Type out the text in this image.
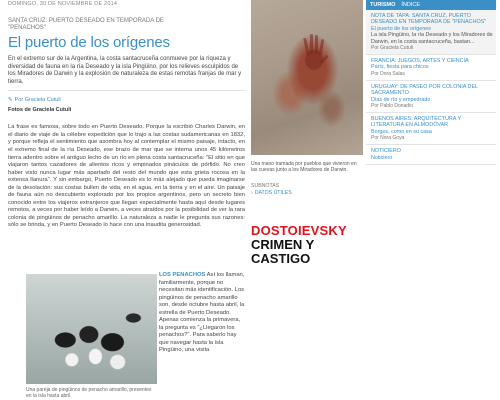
DOMINGO, 30 DE NOVIEMBRE DE 2014
SANTA CRUZ: PUERTO DESEADO EN TEMPORADA DE
"PENACHOS"
El puerto de los orígenes

En el extremo sur de la Argentina, la costa santacruceña conmueve por la riqueza y diversidad de fauna en la ría Deseado y la isla Pingüino, por los relieves esculpidos de los Miradores de Darwin y la explosión de naturaleza de estas remotas franjas de mar y tierra.

✎ Por Graciela Cutuli
Fotos de Graciela Cutuli

La frase es famosa, sobre todo en Puerto Deseado. Porque la escribió Charles Darwin, en el diario de viaje de la célebre expedición que lo trajo a las costas sudamericanas en 1832, y porque refleja el sentimiento que asombra hoy al contemplar el mismo paisaje, intacto, en el extremo final de la ría Deseado, ese brazo de mar que se interna unos 45 kilómetros tierra adentro sobre el antiguo lecho de un río en plena costa santacruceña: "El sitio en que viajaron tantos cazadores de alientos ricos y empinados pináculos de pórfido. No creo haber visto nunca lugar más apartado del resto del mundo que esta grieta rocosa en la extensa llanura". Y sin embargo, Puerto Deseado es lo más alejado que pueda imaginarse de la desolación: sus costas bullen de vida, en el agua, en la tierra y en el aire. Un paisaje de fauna aún no descubierto explorado por los propios argentinos, pero un secreto bien conocido entre los viajeros extranjeros que llegan especialmente hasta aquí desde lugares remotos, a veces por haber leído a Darwin, a veces atraídos por la posibilidad de ver la rara colonia de pingüinos de penacho amarillo. La naturaleza a nadie le pregunta sus razones: sólo se brinda, y en Puerto Deseado lo hace con una inaudita generosidad.

Una pareja de pingüinos de penacho amarillo, presentes en la isla hasta abril.
LOS PENACHOS Así los llaman, familiarmente, porque no necesitan más identificación. Los pingüinos de penacho amarillo son, desde octubre hasta abril, la estrella de Puerto Deseado. Apenas comienza la primavera, la pregunta es "¿Llegaron los penachos?". Para saberlo hay que navegar hasta la isla Pingüino, una visita
Una mano tramada por pueblos que vivieron en las cuevas junto a los Miradores de Darwin.
SUBNOTAS
› DATOS ÚTILES
DOSTOIEVSKY
CRIMEN Y
CASTIGO
TURISMO ÍNDICE
NOTA DE TAPA: SANTA CRUZ, PUERTO DESEADO EN TEMPORADA DE "PENACHOS"
El puerto de los orígenes
La isla Pingüino, la ría Deseado y los Miradores de Darwin, en la costa santacruceña, bastan...
Por Graciela Cutuli
FRANCIA: JUEGOS, ARTES Y CIENCIA
París, fiesta para chicos
Por Dora Salas
URUGUAY: DE PASEO POR COLONIA DEL SACRAMENTO
Días de río y empedrado
Por Pablo Donadio
BUENOS AIRES: ARQUITECTURA Y LITERATURA EN ALMODÓVAR
Borges, como en su casa
Por Nora Goya
NOTICIERO
Noticiero
